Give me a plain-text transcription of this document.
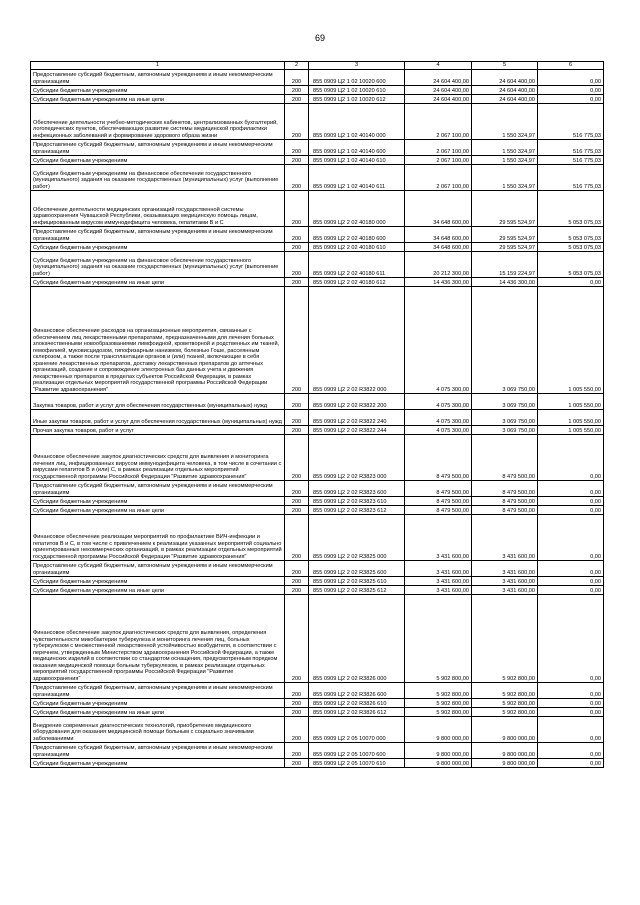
69
1	2	3	4	5	6
Предоставление субсидий бюджетным, автономным учреждениям и иным некоммерческим организациям	200	855 0909 Ц2 1 02 10020 600	24 604 400,00	24 604 400,00	0,00
Субсидии бюджетным учреждениям	200	855 0909 Ц2 1 02 10020 610	24 604 400,00	24 604 400,00	0,00
Субсидии бюджетным учреждениям на иные цели	200	855 0909 Ц2 1 02 10020 612	24 604 400,00	24 604 400,00	0,00
Обеспечение деятельности учебно-методических кабинетов, централизованных бухгалтерий, логопедических пунктов, обеспечивающих развитие системы медицинской профилактики инфекционных заболеваний и формирование здорового образа жизни	200	855 0909 Ц2 1 02 40140 000	2 067 100,00	1 550 324,97	516 775,03
Предоставление субсидий бюджетным, автономным учреждениям и иным некоммерческим организациям	200	855 0909 Ц2 1 02 40140 600	2 067 100,00	1 550 324,97	516 775,03
Субсидии бюджетным учреждениям	200	855 0909 Ц2 1 02 40140 610	2 067 100,00	1 550 324,97	516 775,03
Субсидии бюджетным учреждениям на финансовое обеспечение государственного (муниципального) задания на оказание государственных (муниципальных) услуг (выполнение работ)	200	855 0909 Ц2 1 02 40140 611	2 067 100,00	1 550 324,97	516 775,03
Обеспечение деятельности медицинских организаций государственной системы здравоохранения Чувашской Республики, оказывающих медицинскую помощь лицам, инфицированным вирусом иммунодефицита человека, гепатитами В и С	200	855 0909 Ц2 2 02 40180 000	34 648 600,00	29 595 524,97	5 053 075,03
Предоставление субсидий бюджетным, автономным учреждениям и иным некоммерческим организациям	200	855 0909 Ц2 2 02 40180 600	34 648 600,00	29 595 524,97	5 053 075,03
Субсидии бюджетным учреждениям	200	855 0909 Ц2 2 02 40180 610	34 648 600,00	29 595 524,97	5 053 075,03
Субсидии бюджетным учреждениям на финансовое обеспечение государственного (муниципального) задания на оказание государственных (муниципальных) услуг (выполнение работ)	200	855 0909 Ц2 2 02 40180 611	20 212 300,00	15 159 224,97	5 053 075,03
Субсидии бюджетным учреждениям на иные цели	200	855 0909 Ц2 2 02 40180 612	14 436 300,00	14 436 300,00	0,00
Финансовое обеспечение расходов на организационные мероприятия, связанные с обеспечением лиц лекарственными препаратами, предназначенными для лечения больных злокачественными новообразованиями лимфоидной, кроветворной и родственных им тканей, гемофилией, муковисцидозом, гипофизарным нанизмом, болезнью Гоше, рассеянным склерозом, а также после трансплантации органов и (или) тканей, включающие в себя хранение лекарственных препаратов, доставку лекарственных препаратов до аптечных организаций, создание и сопровождение электронных баз данных учета и движения лекарственных препаратов в пределах субъектов Российской Федерации, в рамках реализации отдельных мероприятий государственной программы Российской Федерации "Развитие здравоохранения"	200	855 0909 Ц2 2 02 R3822 000	4 075 300,00	3 069 750,00	1 005 550,00
Закупка товаров, работ и услуг для обеспечения государственных (муниципальных) нужд	200	855 0909 Ц2 2 02 R3822 200	4 075 300,00	3 069 750,00	1 005 550,00
Иные закупки товаров, работ и услуг для обеспечения государственных (муниципальных) нужд	200	855 0909 Ц2 2 02 R3822 240	4 075 300,00	3 069 750,00	1 005 550,00
Прочая закупка товаров, работ и услуг	200	855 0909 Ц2 2 02 R3822 244	4 075 300,00	3 069 750,00	1 005 550,00
Финансовое обеспечение закупок диагностических средств для выявления и мониторинга лечения лиц, инфицированных вирусом иммунодефицита человека, в том числе в сочетании с вирусами гепатитов В и (или) С, в рамках реализации отдельных мероприятий государственной программы Российской Федерации "Развитие здравоохранения"	200	855 0909 Ц2 2 02 R3823 000	8 479 500,00	8 479 500,00	0,00
Предоставление субсидий бюджетным, автономным учреждениям и иным некоммерческим организациям	200	855 0909 Ц2 2 02 R3823 600	8 479 500,00	8 479 500,00	0,00
Субсидии бюджетным учреждениям	200	855 0909 Ц2 2 02 R3823 610	8 479 500,00	8 479 500,00	0,00
Субсидии бюджетным учреждениям на иные цели	200	855 0909 Ц2 2 02 R3823 612	8 479 500,00	8 479 500,00	0,00
Финансовое обеспечение реализации мероприятий по профилактике ВИЧ-инфекции и гепатитов В и С, в том числе с привлечением к реализации указанных мероприятий социально ориентированных некоммерческих организаций, в рамках реализации отдельных мероприятий государственной программы Российской Федерации "Развитие здравоохранения"	200	855 0909 Ц2 2 02 R3825 000	3 431 600,00	3 431 600,00	0,00
Предоставление субсидий бюджетным, автономным учреждениям и иным некоммерческим организациям	200	855 0909 Ц2 2 02 R3825 600	3 431 600,00	3 431 600,00	0,00
Субсидии бюджетным учреждениям	200	855 0909 Ц2 2 02 R3825 610	3 431 600,00	3 431 600,00	0,00
Субсидии бюджетным учреждениям на иные цели	200	855 0909 Ц2 2 02 R3825 612	3 431 600,00	3 431 600,00	0,00
Финансовое обеспечение закупок диагностических средств для выявления, определения чувствительности микобактерии туберкулеза и мониторинга лечения лиц, больных туберкулезом с множественной лекарственной устойчивостью возбудителя, в соответствии с перечнем, утвержденным Министерством здравоохранения Российской Федерации, а также медицинских изделий в соответствии со стандартом оснащения, предусмотренным порядком оказания медицинской помощи больным туберкулезом, в рамках реализации отдельных мероприятий государственной программы Российской Федерации "Развитие здравоохранения"	200	855 0909 Ц2 2 02 R3826 000	5 902 800,00	5 902 800,00	0,00
Предоставление субсидий бюджетным, автономным учреждениям и иным некоммерческим организациям	200	855 0909 Ц2 2 02 R3826 600	5 902 800,00	5 902 800,00	0,00
Субсидии бюджетным учреждениям	200	855 0909 Ц2 2 02 R3826 610	5 902 800,00	5 902 800,00	0,00
Субсидии бюджетным учреждениям на иные цели	200	855 0909 Ц2 2 02 R3826 612	5 902 800,00	5 902 800,00	0,00
Внедрение современных диагностических технологий, приобретение медицинского оборудования для оказания медицинской помощи больным с социально значимыми заболеваниями	200	855 0909 Ц2 2 05 10070 000	9 800 000,00	9 800 000,00	0,00
Предоставление субсидий бюджетным, автономным учреждениям и иным некоммерческим организациям	200	855 0909 Ц2 2 05 10070 600	9 800 000,00	9 800 000,00	0,00
Субсидии бюджетным учреждениям	200	855 0909 Ц2 2 05 10070 610	9 800 000,00	9 800 000,00	0,00
